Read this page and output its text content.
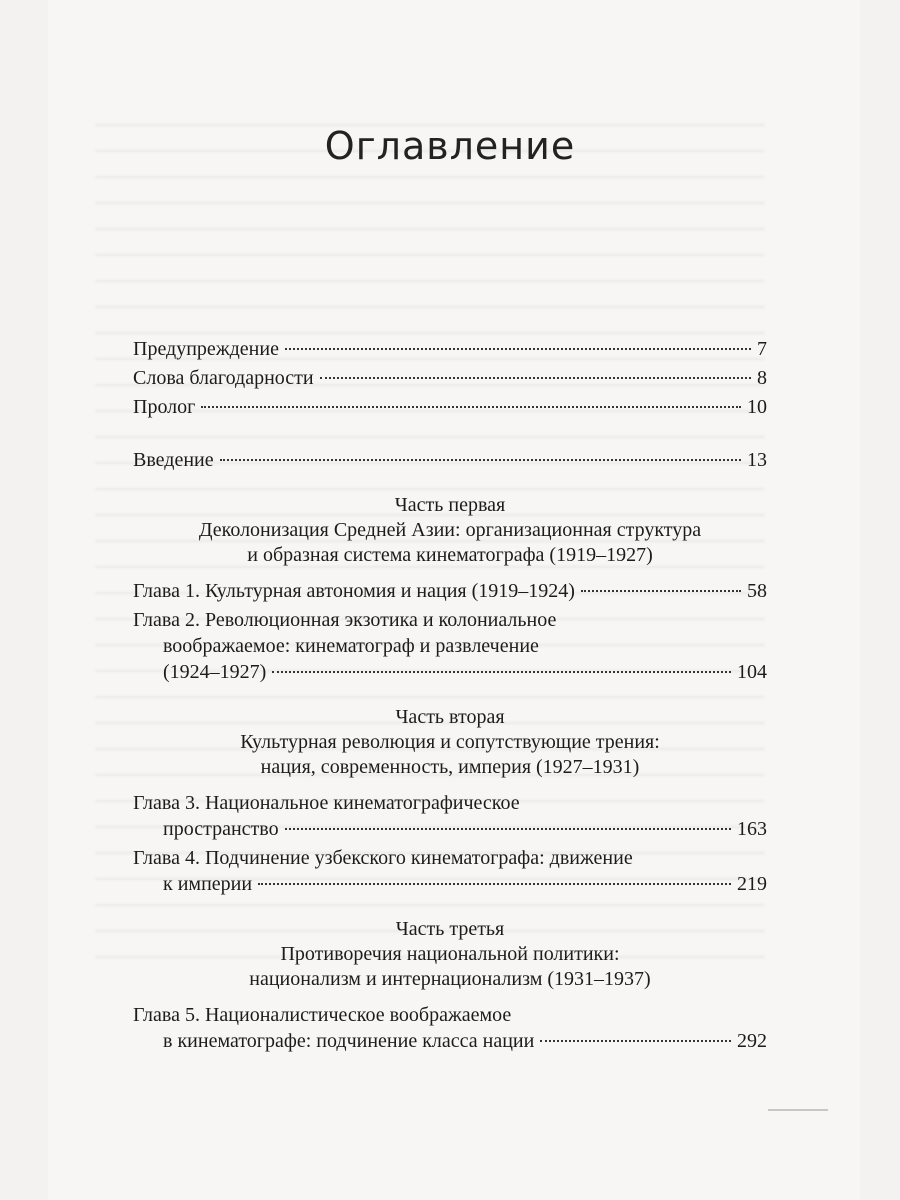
Оглавление
Предупреждение	7
Слова благодарности	8
Пролог	10
Введение	13
Часть первая
Деколонизация Средней Азии: организационная структура
и образная система кинематографа (1919–1927)
Глава 1. Культурная автономия и нация (1919–1924)	58
Глава 2. Революционная экзотика и колониальное
воображаемое: кинематограф и развлечение
(1924–1927)	104
Часть вторая
Культурная революция и сопутствующие трения:
нация, современность, империя (1927–1931)
Глава 3. Национальное кинематографическое
пространство	163
Глава 4. Подчинение узбекского кинематографа: движение
к империи	219
Часть третья
Противоречия национальной политики:
национализм и интернационализм (1931–1937)
Глава 5. Националистическое воображаемое
в кинематографе: подчинение класса нации	292
